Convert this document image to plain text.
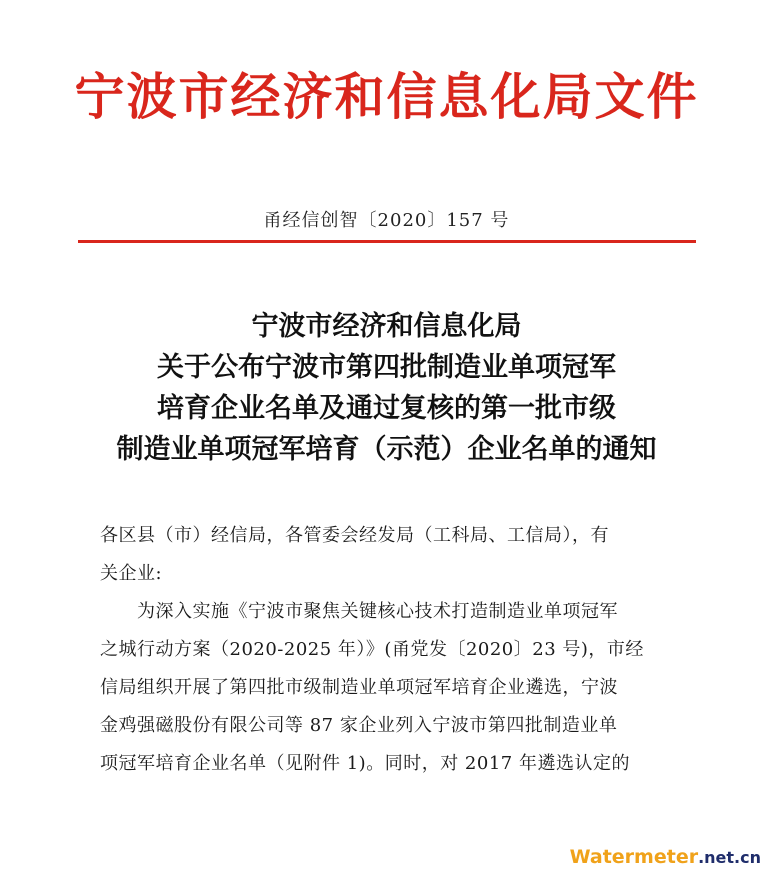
宁波市经济和信息化局文件
甬经信创智〔2020〕157 号
宁波市经济和信息化局
关于公布宁波市第四批制造业单项冠军
培育企业名单及通过复核的第一批市级
制造业单项冠军培育（示范）企业名单的通知
各区县（市）经信局，各管委会经发局（工科局、工信局），有
关企业:
　　为深入实施《宁波市聚焦关键核心技术打造制造业单项冠军
之城行动方案（2020-2025 年）》(甬党发〔2020〕23 号)，市经
信局组织开展了第四批市级制造业单项冠军培育企业遴选，宁波
金鸡强磁股份有限公司等 87 家企业列入宁波市第四批制造业单
项冠军培育企业名单（见附件 1)。同时，对 2017 年遴选认定的
Watermeter.net.cn
